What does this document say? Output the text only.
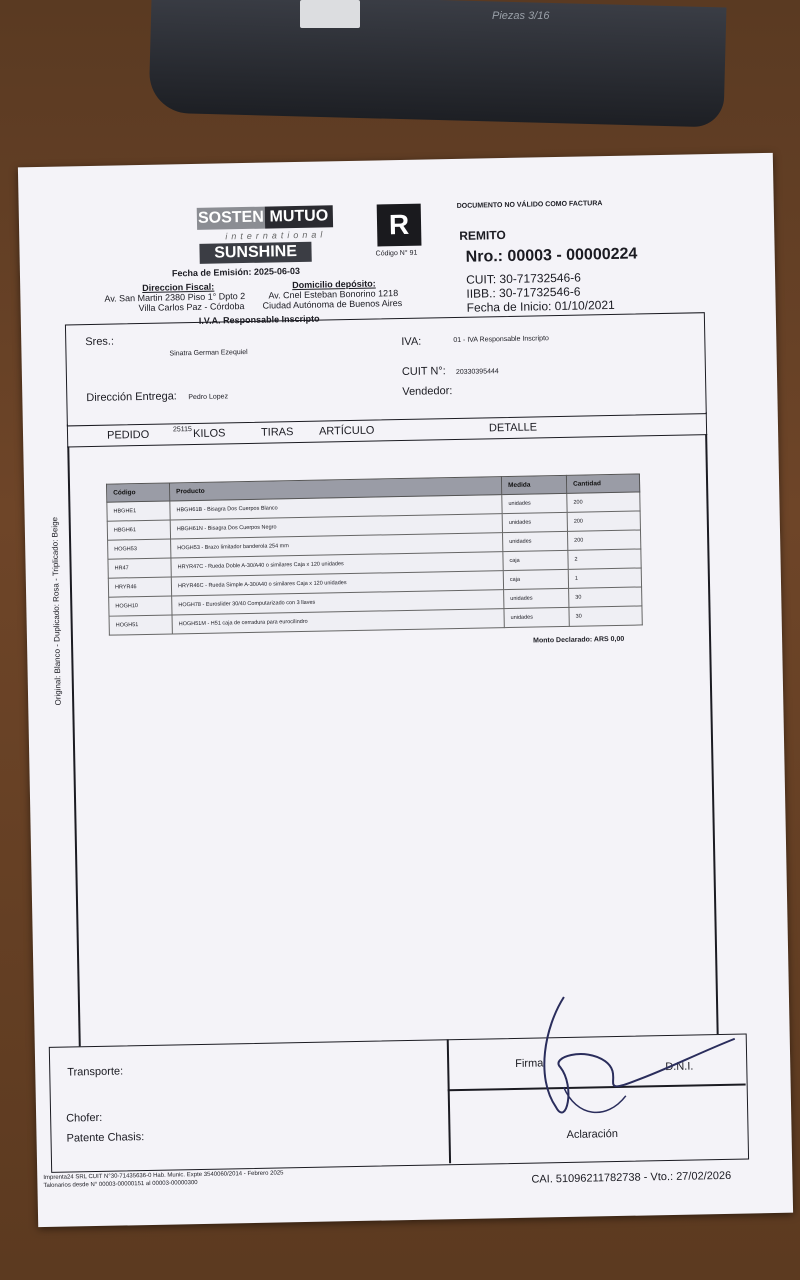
Piezas 3/16
SOSTEN MUTUO
international
SUNSHINE
Fecha de Emisión: 2025-06-03
R
Código N° 91
DOCUMENTO NO VÁLIDO COMO FACTURA
REMITO
Nro.: 00003 - 00000224
CUIT: 30-71732546-6
IIBB.: 30-71732546-6
Fecha de Inicio: 01/10/2021
Direccion Fiscal:
Av. San Martin 2380 Piso 1° Dpto 2
Villa Carlos Paz - Córdoba
Domicilio depósito:
Av. Cnel Esteban Bonorino 1218
Ciudad Autónoma de Buenos Aires
I.V.A. Responsable Inscripto
Sres.:
Sinatra German Ezequiel
IVA:	01 - IVA Responsable Inscripto
CUIT N°: 20330395444
Dirección Entrega: Pedro Lopez	Vendedor:
PEDIDO	25115 KILOS	TIRAS ARTÍCULO	DETALLE
Código	Producto	Medida	Cantidad
HBGHE1	HBGH61B - Bisagra Dos Cuerpos Blanco	unidades	200
HBGH61	HBGH61N - Bisagra Dos Cuerpos Negro	unidades	200
HOGH53	HOGH53 - Brazo limitador banderola 254 mm	unidades	200
HR47	HRYR47C - Rueda Doble A-30/A40 o similares Caja x 120 unidades	caja	2
HRYR46	HRYR46C - Rueda Simple A-30/A40 o similares Caja x 120 unidades	caja	1
HOGH10	HOGH78 - Euroslider 30/40 Computarizado con 3 llaves	unidades	30
HOGH51	HOGH51M - H51 caja de cerradura para eurocilindro	unidades	30
Monto Declarado: ARS 0,00
Original: Blanco - Duplicado: Rosa - Triplicado: Beige
Transporte:
Chofer:
Patente Chasis:
Firma	D.N.I.
Aclaración
Imprenta24 SRL CUIT N°30-71435636-0 Hab. Munic. Expte 3540060/2014 - Febrero 2025
Talonarios desde N° 00003-00000151 al 00003-00000300	CAI. 51096211782738 - Vto.: 27/02/2026
